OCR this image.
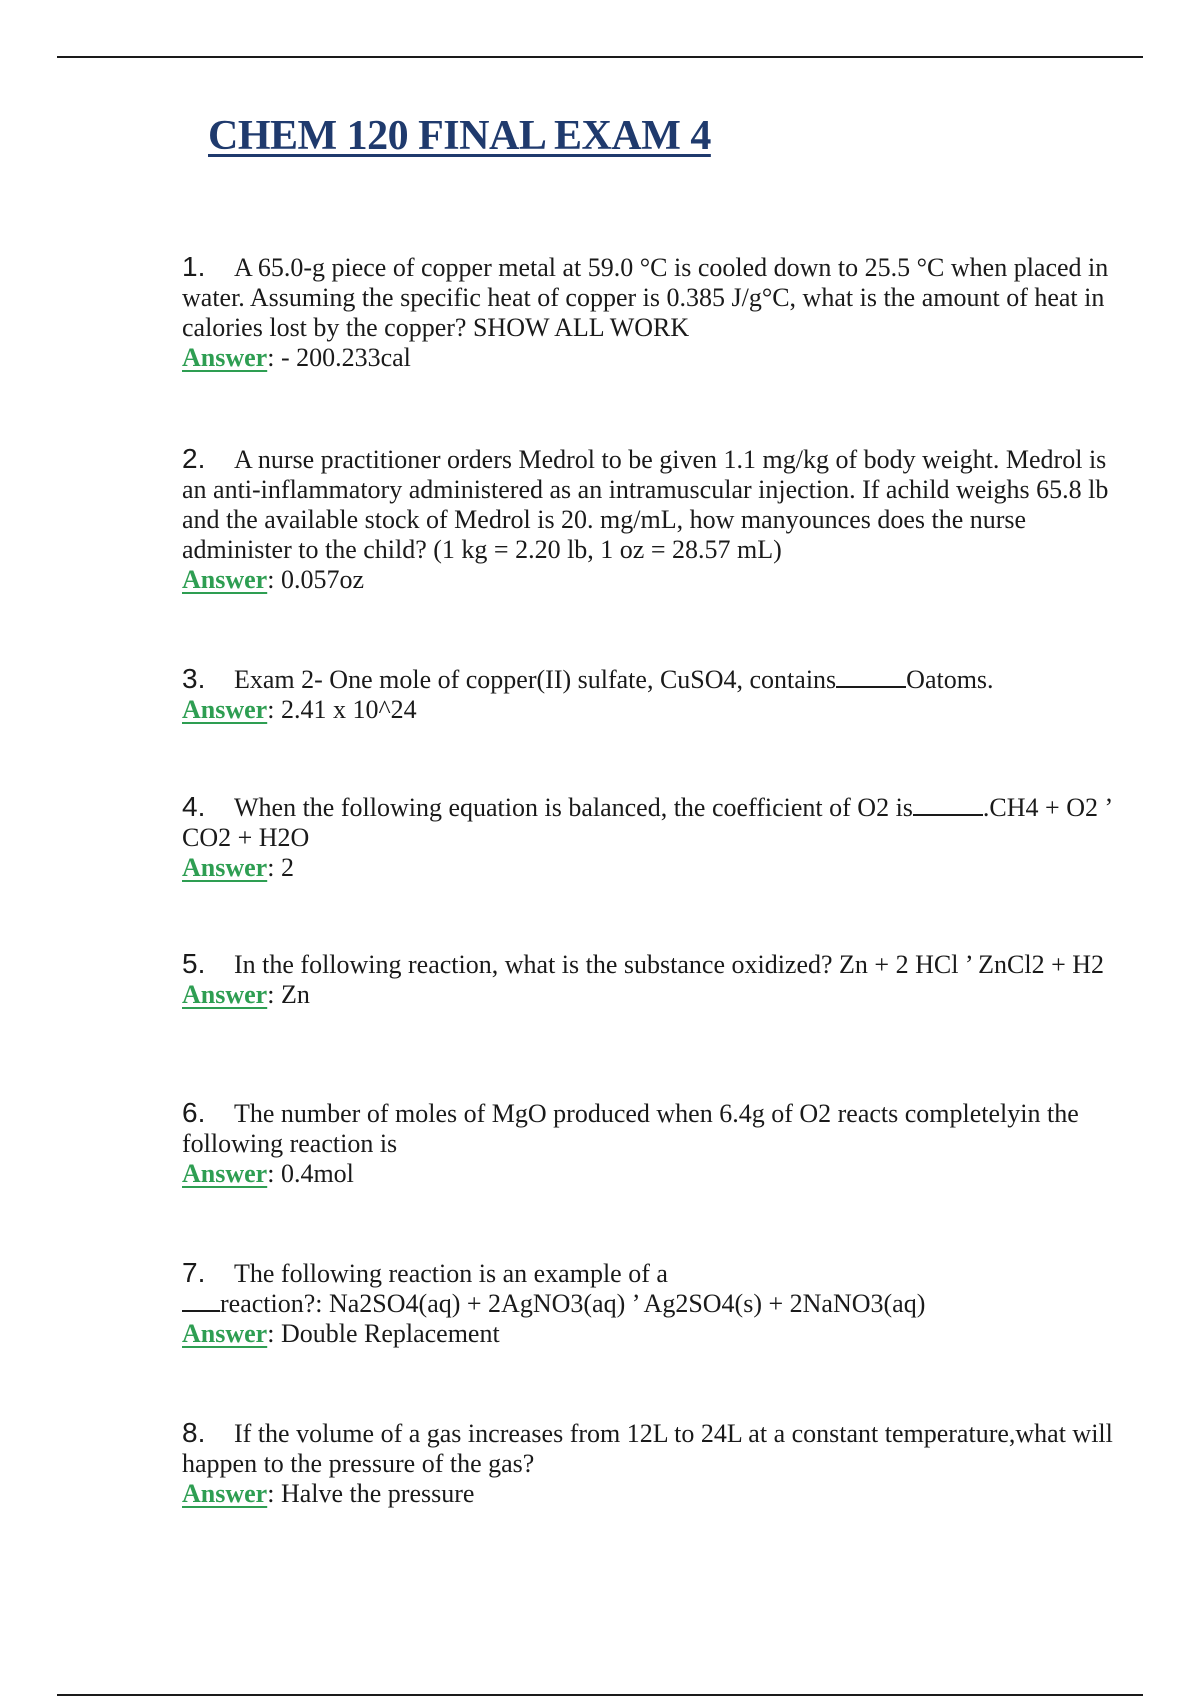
CHEM 120 FINAL EXAM 4

1. A 65.0-g piece of copper metal at 59.0 °C is cooled down to 25.5 °C when placed in water. Assuming the specific heat of copper is 0.385 J/g°C, what is the amount of heat in calories lost by the copper? SHOW ALL WORK
Answer: - 200.233cal

2. A nurse practitioner orders Medrol to be given 1.1 mg/kg of body weight. Medrol is an anti-inflammatory administered as an intramuscular injection. If achild weighs 65.8 lb and the available stock of Medrol is 20. mg/mL, how manyounces does the nurse administer to the child? (1 kg = 2.20 lb, 1 oz = 28.57 mL)
Answer: 0.057oz

3. Exam 2- One mole of copper(II) sulfate, CuSO4, contains	Oatoms.
Answer: 2.41 x 10^24

4. When the following equation is balanced, the coefficient of O2 is	.CH4 + O2 ’ CO2 + H2O
Answer: 2

5. In the following reaction, what is the substance oxidized? Zn + 2 HCl ’ ZnCl2 + H2
Answer: Zn

6. The number of moles of MgO produced when 6.4g of O2 reacts completelyin the following reaction is
Answer: 0.4mol

7. The following reaction is an example of a
reaction?: Na2SO4(aq) + 2AgNO3(aq) ’ Ag2SO4(s) + 2NaNO3(aq)
Answer: Double Replacement

8. If the volume of a gas increases from 12L to 24L at a constant temperature,what will happen to the pressure of the gas?
Answer: Halve the pressure
